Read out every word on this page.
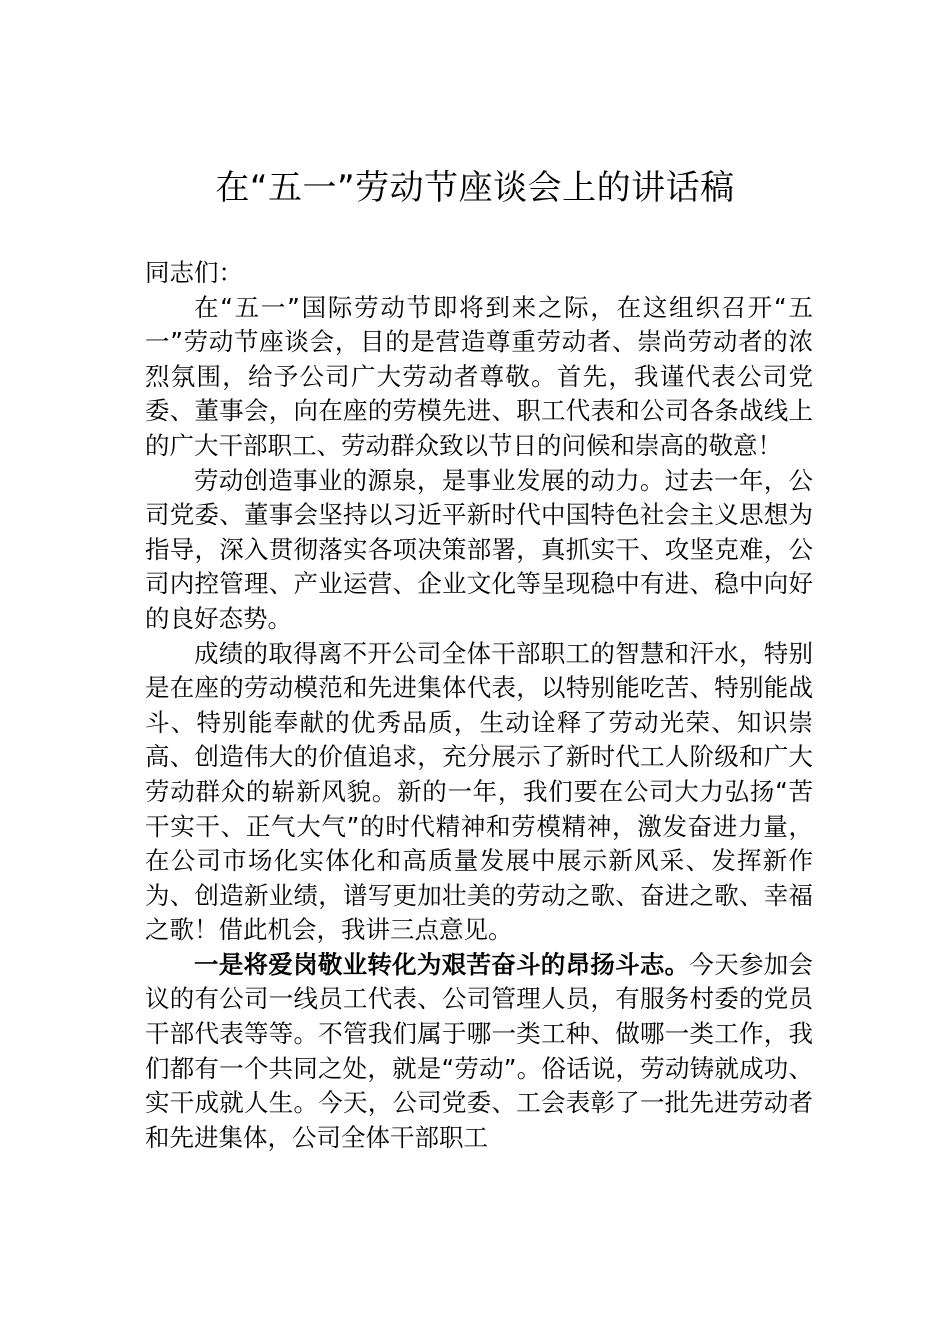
在“五一”劳动节座谈会上的讲话稿

同志们：

在“五一”国际劳动节即将到来之际，在这组织召开“五一”劳动节座谈会，目的是营造尊重劳动者、崇尚劳动者的浓烈氛围，给予公司广大劳动者尊敬。首先，我谨代表公司党委、董事会，向在座的劳模先进、职工代表和公司各条战线上的广大干部职工、劳动群众致以节日的问候和崇高的敬意！

劳动创造事业的源泉，是事业发展的动力。过去一年，公司党委、董事会坚持以习近平新时代中国特色社会主义思想为指导，深入贯彻落实各项决策部署，真抓实干、攻坚克难，公司内控管理、产业运营、企业文化等呈现稳中有进、稳中向好的良好态势。

成绩的取得离不开公司全体干部职工的智慧和汗水，特别是在座的劳动模范和先进集体代表，以特别能吃苦、特别能战斗、特别能奉献的优秀品质，生动诠释了劳动光荣、知识崇高、创造伟大的价值追求，充分展示了新时代工人阶级和广大劳动群众的崭新风貌。新的一年，我们要在公司大力弘扬“苦干实干、正气大气”的时代精神和劳模精神，激发奋进力量，在公司市场化实体化和高质量发展中展示新风采、发挥新作为、创造新业绩，谱写更加壮美的劳动之歌、奋进之歌、幸福之歌！借此机会，我讲三点意见。

一是将爱岗敬业转化为艰苦奋斗的昂扬斗志。今天参加会议的有公司一线员工代表、公司管理人员，有服务村委的党员干部代表等等。不管我们属于哪一类工种、做哪一类工作，我们都有一个共同之处，就是“劳动”。俗话说，劳动铸就成功、实干成就人生。今天，公司党委、工会表彰了一批先进劳动者和先进集体，公司全体干部职工
